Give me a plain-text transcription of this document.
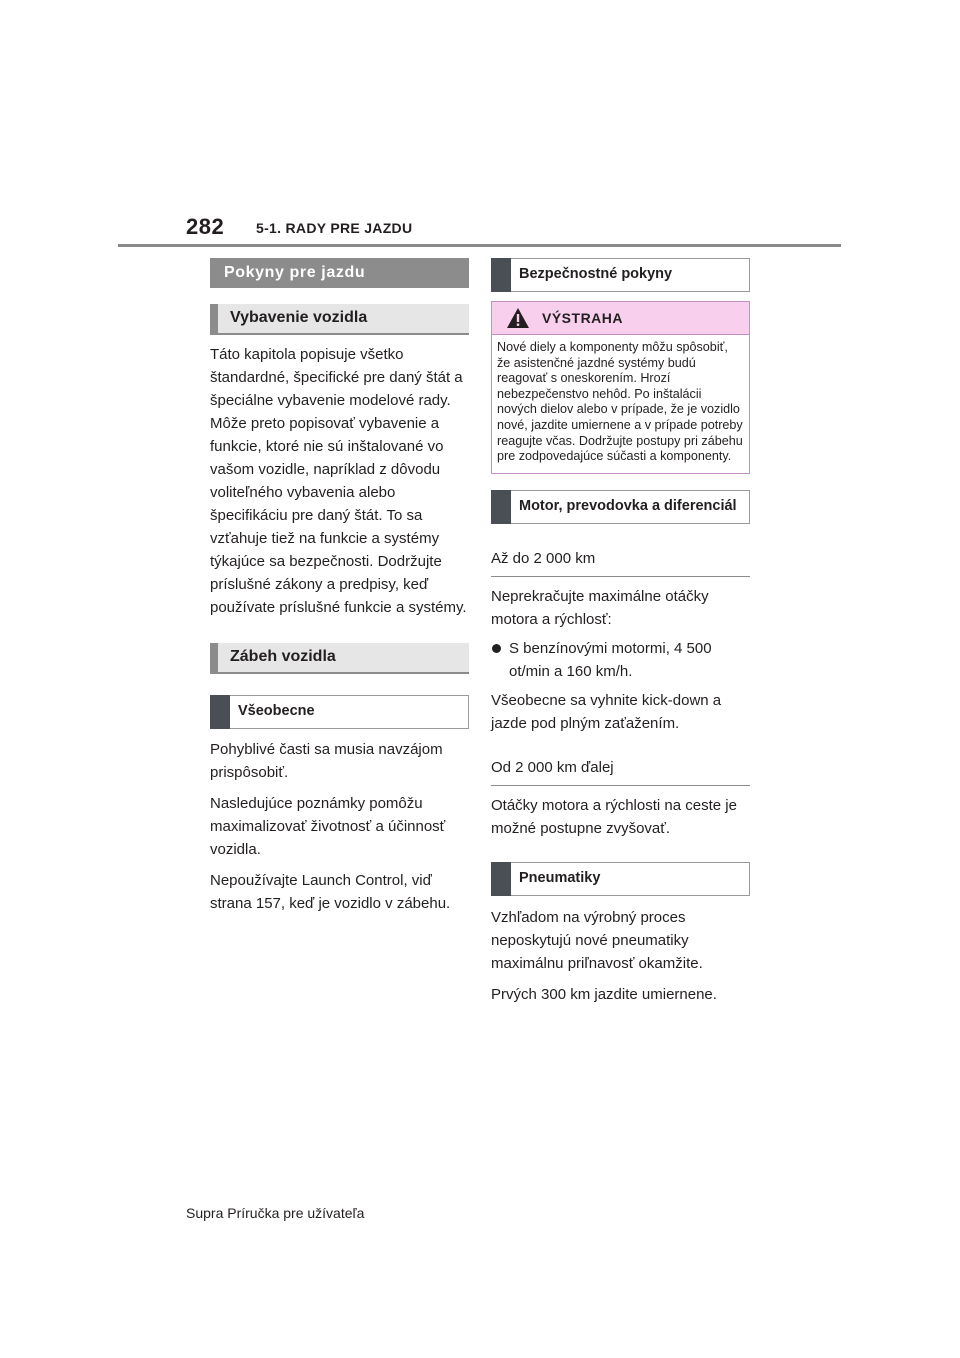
282 5-1. RADY PRE JAZDU
Pokyny pre jazdu
Vybavenie vozidla
Táto kapitola popisuje všetko štandardné, špecifické pre daný štát a špeciálne vybavenie modelové rady. Môže preto popisovať vybavenie a funkcie, ktoré nie sú inštalované vo vašom vozidle, napríklad z dôvodu voliteľného vybavenia alebo špecifikáciu pre daný štát. To sa vzťahuje tiež na funkcie a systémy týkajúce sa bezpečnosti. Dodržujte príslušné zákony a predpisy, keď používate príslušné funkcie a systémy.
Zábeh vozidla
Všeobecne
Pohyblivé časti sa musia navzájom prispôsobiť.
Nasledujúce poznámky pomôžu maximalizovať životnosť a účinnosť vozidla.
Nepoužívajte Launch Control, viď strana 157, keď je vozidlo v zábehu.
Bezpečnostné pokyny
VÝSTRAHA
Nové diely a komponenty môžu spôsobiť, že asistenčné jazdné systémy budú reagovať s oneskorením. Hrozí nebezpečenstvo nehôd. Po inštalácii nových dielov alebo v prípade, že je vozidlo nové, jazdite umiernene a v prípade potreby reagujte včas. Dodržujte postupy pri zábehu pre zodpovedajúce súčasti a komponenty.
Motor, prevodovka a diferenciál
Až do 2 000 km
Neprekračujte maximálne otáčky motora a rýchlosť:
S benzínovými motormi, 4 500 ot/min a 160 km/h.
Všeobecne sa vyhnite kick-down a jazde pod plným zaťažením.
Od 2 000 km ďalej
Otáčky motora a rýchlosti na ceste je možné postupne zvyšovať.
Pneumatiky
Vzhľadom na výrobný proces neposkytujú nové pneumatiky maximálnu priľnavosť okamžite.
Prvých 300 km jazdite umiernene.
Supra Príručka pre užívateľa
